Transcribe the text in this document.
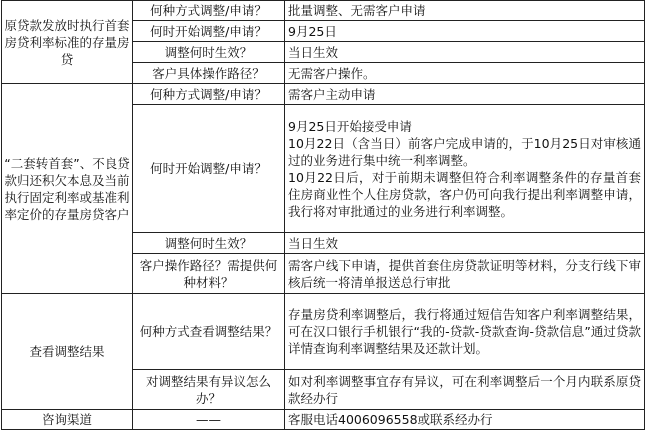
原贷款发放时执行首套房贷利率标准的存量房贷	何种方式调整/申请？	批量调整、无需客户申请
	何时开始调整/申请？	9月25日
	调整何时生效？	当日生效
	客户具体操作路径？	无需客户操作。
“二套转首套”、不良贷款归还积欠本息及当前执行固定利率或基准利率定价的存量房贷客户	何种方式调整/申请？	需客户主动申请
	何时开始调整/申请？	9月25日开始接受申请
10月22日（含当日）前客户完成申请的，于10月25日对审核通过的业务进行集中统一利率调整。
10月22日后，对于前期未调整但符合利率调整条件的存量首套住房商业性个人住房贷款，客户仍可向我行提出利率调整申请，我行将对审批通过的业务进行利率调整。
	调整何时生效？	当日生效
	客户操作路径？需提供何种材料？	需客户线下申请，提供首套住房贷款证明等材料，分支行线下审核后统一将清单报送总行审批
查看调整结果	何种方式查看调整结果？	存量房贷利率调整后，我行将通过短信告知客户利率调整结果，可在汉口银行手机银行“我的-贷款-贷款查询-贷款信息”通过贷款详情查询利率调整结果及还款计划。
	对调整结果有异议怎么办？	如对利率调整事宜存有异议，可在利率调整后一个月内联系原贷款经办行
咨询渠道	——	客服电话4006096558或联系经办行
